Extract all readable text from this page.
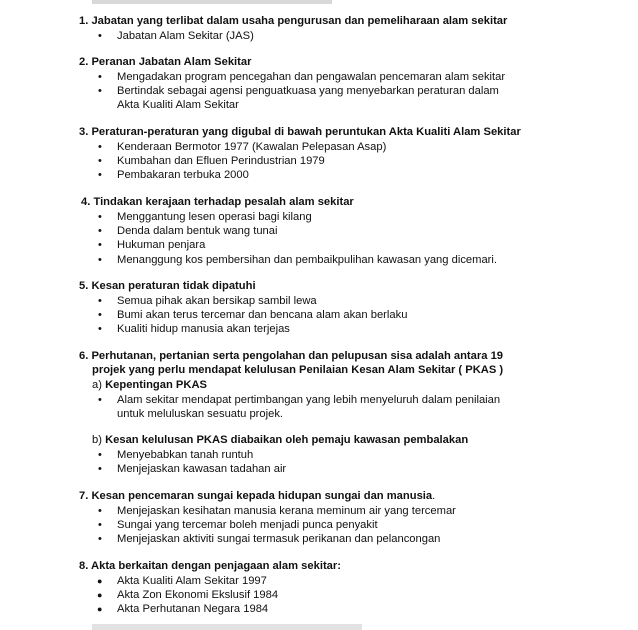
1. Jabatan yang terlibat dalam usaha pengurusan dan pemeliharaan alam sekitar
• Jabatan Alam Sekitar (JAS)
2. Peranan Jabatan Alam Sekitar
• Mengadakan program pencegahan dan pengawalan pencemaran alam sekitar
• Bertindak sebagai agensi penguatkuasa yang menyebarkan peraturan dalam
Akta Kualiti Alam Sekitar
3. Peraturan-peraturan yang digubal di bawah peruntukan Akta Kualiti Alam Sekitar
• Kenderaan Bermotor 1977 (Kawalan Pelepasan Asap)
• Kumbahan dan Efluen Perindustrian 1979
• Pembakaran terbuka 2000
4. Tindakan kerajaan terhadap pesalah alam sekitar
• Menggantung lesen operasi bagi kilang
• Denda dalam bentuk wang tunai
• Hukuman penjara
• Menanggung kos pembersihan dan pembaikpulihan kawasan yang dicemari.
5. Kesan peraturan tidak dipatuhi
• Semua pihak akan bersikap sambil lewa
• Bumi akan terus tercemar dan bencana alam akan berlaku
• Kualiti hidup manusia akan terjejas
6. Perhutanan, pertanian serta pengolahan dan pelupusan sisa adalah antara 19
projek yang perlu mendapat kelulusan Penilaian Kesan Alam Sekitar ( PKAS )
a) Kepentingan PKAS
• Alam sekitar mendapat pertimbangan yang lebih menyeluruh dalam penilaian
untuk meluluskan sesuatu projek.
b) Kesan kelulusan PKAS diabaikan oleh pemaju kawasan pembalakan
• Menyebabkan tanah runtuh
• Menjejaskan kawasan tadahan air
7. Kesan pencemaran sungai kepada hidupan sungai dan manusia.
• Menjejaskan kesihatan manusia kerana meminum air yang tercemar
• Sungai yang tercemar boleh menjadi punca penyakit
• Menjejaskan aktiviti sungai termasuk perikanan dan pelancongan
8. Akta berkaitan dengan penjagaan alam sekitar:
● Akta Kualiti Alam Sekitar 1997
● Akta Zon Ekonomi Ekslusif 1984
● Akta Perhutanan Negara 1984
